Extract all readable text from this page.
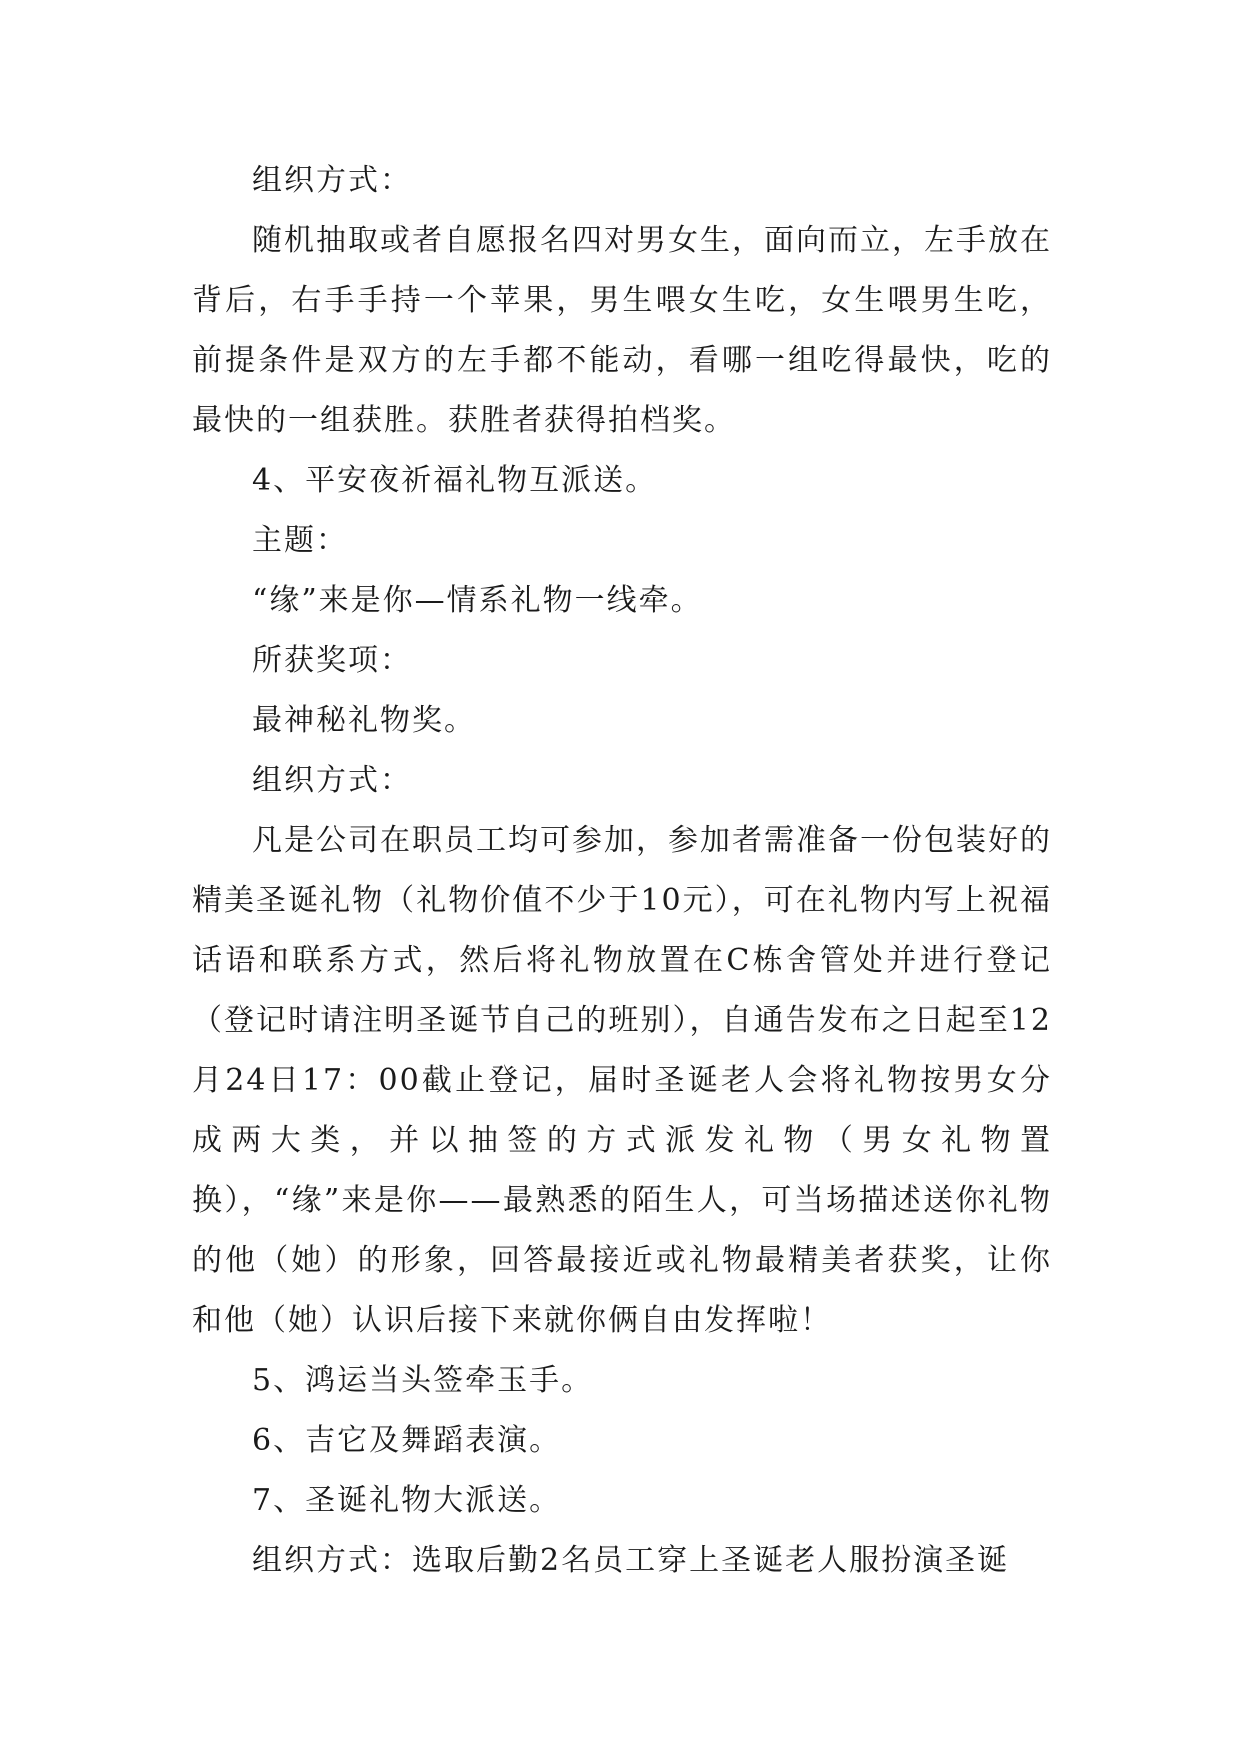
组织方式：

随机抽取或者自愿报名四对男女生，面向而立，左手放在背后，右手手持一个苹果，男生喂女生吃，女生喂男生吃，前提条件是双方的左手都不能动，看哪一组吃得最快，吃的最快的一组获胜。获胜者获得拍档奖。

4、平安夜祈福礼物互派送。

主题：

“缘”来是你—情系礼物一线牵。

所获奖项：

最神秘礼物奖。

组织方式：

凡是公司在职员工均可参加，参加者需准备一份包装好的精美圣诞礼物（礼物价值不少于10元），可在礼物内写上祝福话语和联系方式，然后将礼物放置在C栋舍管处并进行登记（登记时请注明圣诞节自己的班别），自通告发布之日起至12月24日17：00截止登记，届时圣诞老人会将礼物按男女分成两大类，并以抽签的方式派发礼物（男女礼物置换），“缘”来是你——最熟悉的陌生人，可当场描述送你礼物的他（她）的形象，回答最接近或礼物最精美者获奖，让你和他（她）认识后接下来就你俩自由发挥啦！

5、鸿运当头签牵玉手。

6、吉它及舞蹈表演。

7、圣诞礼物大派送。

组织方式：选取后勤2名员工穿上圣诞老人服扮演圣诞
